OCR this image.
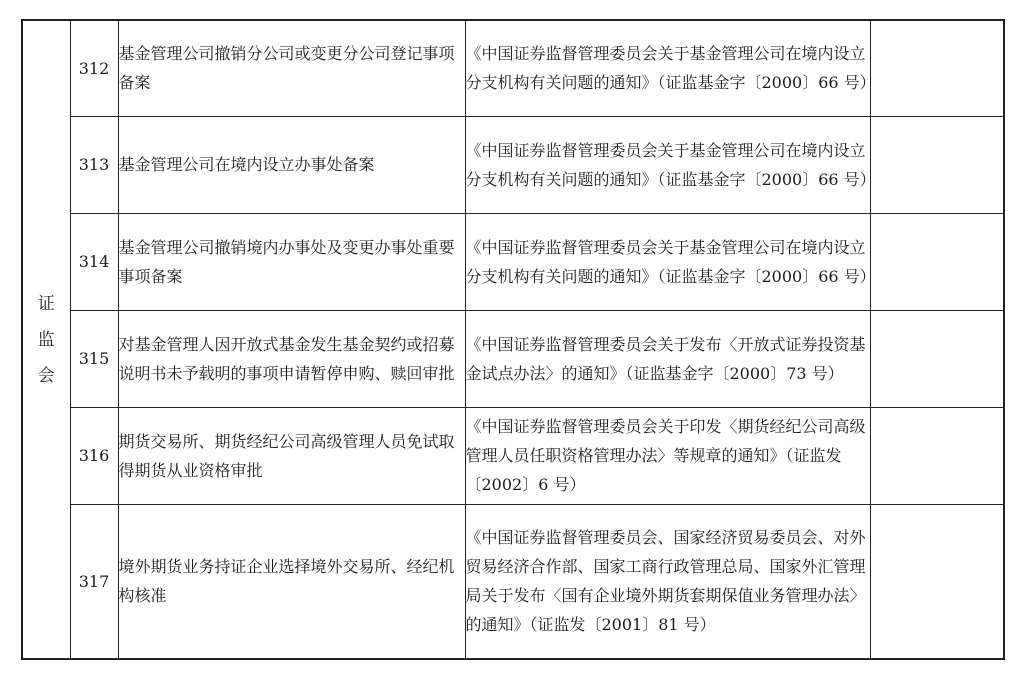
证
监
会	312	基金管理公司撤销分公司或变更分公司登记事项备案	《中国证券监督管理委员会关于基金管理公司在境内设立分支机构有关问题的通知》（证监基金字〔2000〕66 号）	
	313	基金管理公司在境内设立办事处备案	《中国证券监督管理委员会关于基金管理公司在境内设立分支机构有关问题的通知》（证监基金字〔2000〕66 号）	
	314	基金管理公司撤销境内办事处及变更办事处重要事项备案	《中国证券监督管理委员会关于基金管理公司在境内设立分支机构有关问题的通知》（证监基金字〔2000〕66 号）	
	315	对基金管理人因开放式基金发生基金契约或招募说明书未予载明的事项申请暂停申购、赎回审批	《中国证券监督管理委员会关于发布〈开放式证券投资基金试点办法〉的通知》（证监基金字〔2000〕73 号）	
	316	期货交易所、期货经纪公司高级管理人员免试取得期货从业资格审批	《中国证券监督管理委员会关于印发〈期货经纪公司高级管理人员任职资格管理办法〉等规章的通知》（证监发〔2002〕6 号）	
	317	境外期货业务持证企业选择境外交易所、经纪机构核准	《中国证券监督管理委员会、国家经济贸易委员会、对外贸易经济合作部、国家工商行政管理总局、国家外汇管理局关于发布〈国有企业境外期货套期保值业务管理办法〉的通知》（证监发〔2001〕81 号）	
